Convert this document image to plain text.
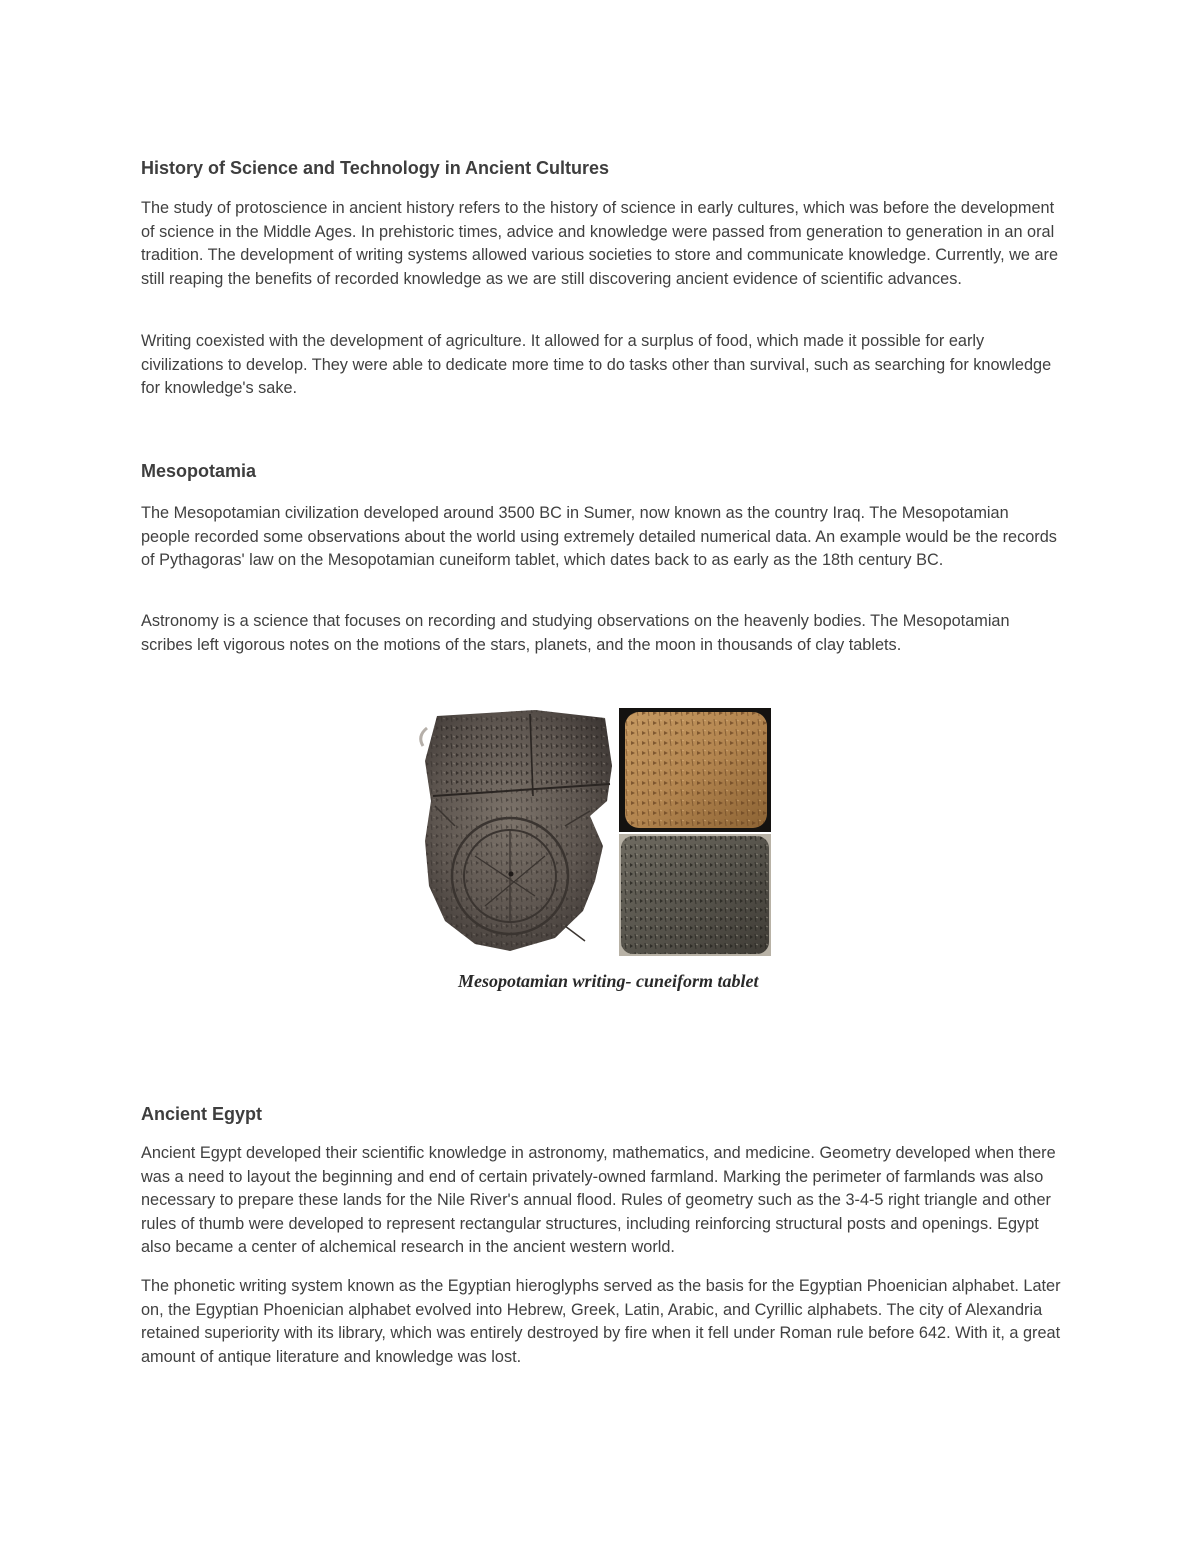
History of Science and Technology in Ancient Cultures

The study of protoscience in ancient history refers to the history of science in early cultures, which was before the development of science in the Middle Ages. In prehistoric times, advice and knowledge were passed from generation to generation in an oral tradition. The development of writing systems allowed various societies to store and communicate knowledge. Currently, we are still reaping the benefits of recorded knowledge as we are still discovering ancient evidence of scientific advances.

Writing coexisted with the development of agriculture. It allowed for a surplus of food, which made it possible for early civilizations to develop. They were able to dedicate more time to do tasks other than survival, such as searching for knowledge for knowledge's sake.

Mesopotamia

The Mesopotamian civilization developed around 3500 BC in Sumer, now known as the country Iraq. The Mesopotamian people recorded some observations about the world using extremely detailed numerical data. An example would be the records of Pythagoras' law on the Mesopotamian cuneiform tablet, which dates back to as early as the 18th century BC.

Astronomy is a science that focuses on recording and studying observations on the heavenly bodies. The Mesopotamian scribes left vigorous notes on the motions of the stars, planets, and the moon in thousands of clay tablets.

Mesopotamian writing- cuneiform tablet
Ancient Egypt

Ancient Egypt developed their scientific knowledge in astronomy, mathematics, and medicine. Geometry developed when there was a need to layout the beginning and end of certain privately-owned farmland. Marking the perimeter of farmlands was also necessary to prepare these lands for the Nile River's annual flood. Rules of geometry such as the 3-4-5 right triangle and other rules of thumb were developed to represent rectangular structures, including reinforcing structural posts and openings. Egypt also became a center of alchemical research in the ancient western world.

The phonetic writing system known as the Egyptian hieroglyphs served as the basis for the Egyptian Phoenician alphabet. Later on, the Egyptian Phoenician alphabet evolved into Hebrew, Greek, Latin, Arabic, and Cyrillic alphabets. The city of Alexandria retained superiority with its library, which was entirely destroyed by fire when it fell under Roman rule before 642. With it, a great amount of antique literature and knowledge was lost.
